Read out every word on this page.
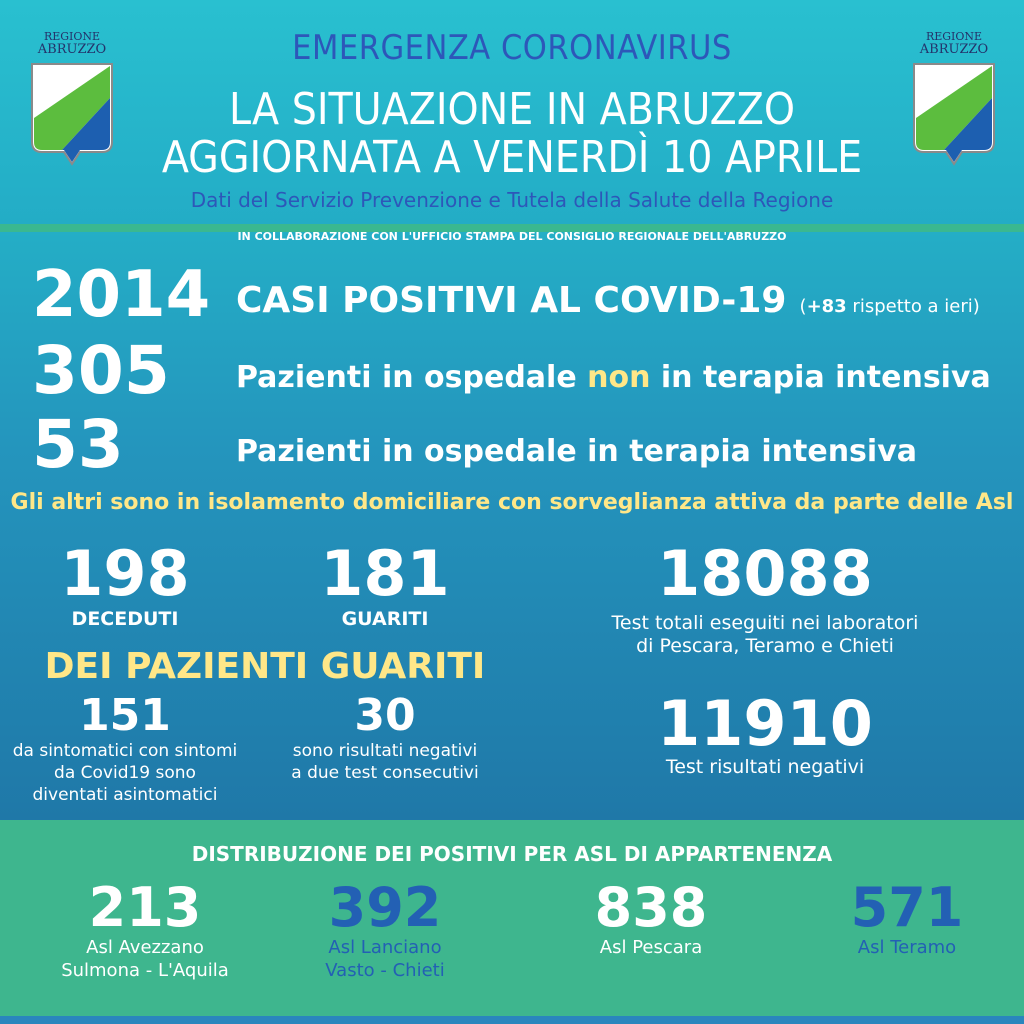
REGIONE
ABRUZZO
REGIONE
ABRUZZO
EMERGENZA CORONAVIRUS
LA SITUAZIONE IN ABRUZZO
AGGIORNATA A VENERDÌ 10 APRILE
Dati del Servizio Prevenzione e Tutela della Salute della Regione
IN COLLABORAZIONE CON L'UFFICIO STAMPA DEL CONSIGLIO REGIONALE DELL'ABRUZZO
2014 CASI POSITIVI AL COVID-19 (+83 rispetto a ieri)
305 Pazienti in ospedale non in terapia intensiva
53	Pazienti in ospedale in terapia intensiva
Gli altri sono in isolamento domiciliare con sorveglianza attiva da parte delle Asl
198
DECEDUTI
181
GUARITI
18088
Test totali eseguiti nei laboratori
di Pescara, Teramo e Chieti
DEI PAZIENTI GUARITI
151
da sintomatici con sintomi
da Covid19 sono
diventati asintomatici
30
sono risultati negativi
a due test consecutivi
11910
Test risultati negativi
DISTRIBUZIONE DEI POSITIVI PER ASL DI APPARTENENZA
213
Asl Avezzano
Sulmona - L'Aquila
392
Asl Lanciano
Vasto - Chieti
838
Asl Pescara
571
Asl Teramo
